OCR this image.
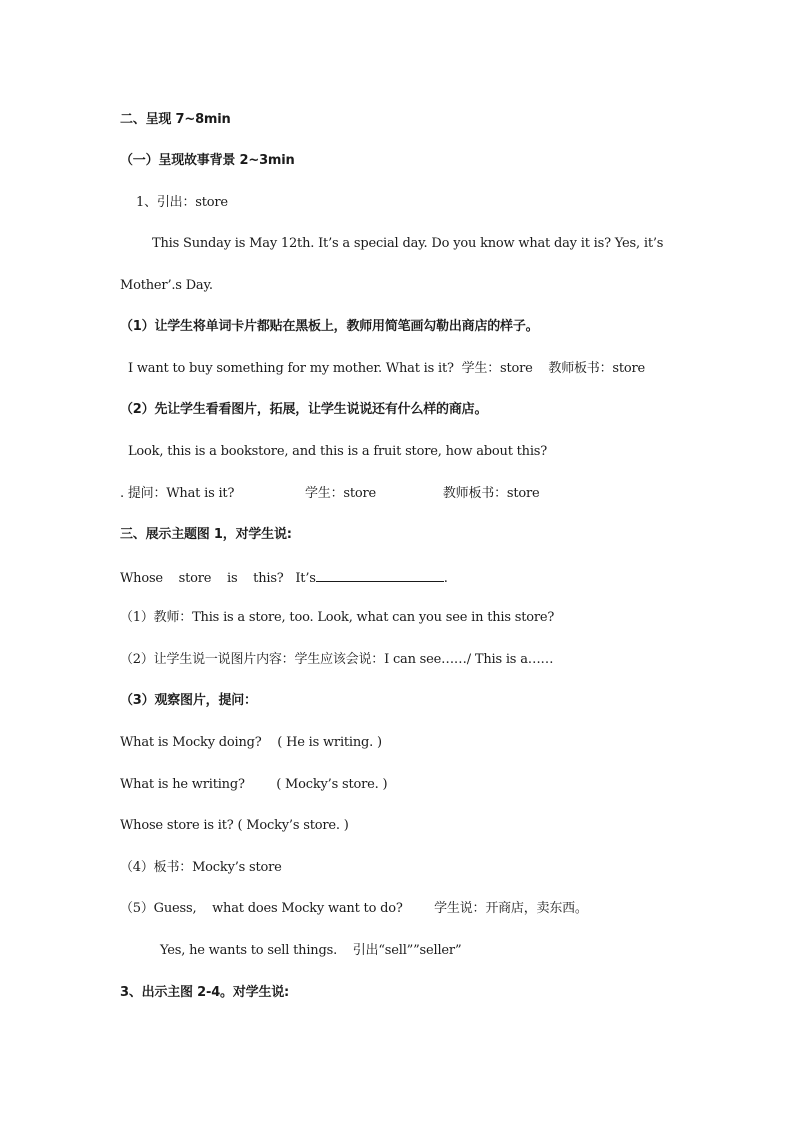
二、呈现 7~8min
（一）呈现故事背景 2~3min
1、引出：store
This Sunday is May 12th. It’s a special day. Do you know what day it is? Yes, it’s
Mother’.s Day.
（1）让学生将单词卡片都贴在黑板上，教师用简笔画勾勒出商店的样子。
I want to buy something for my mother. What is it?  学生：store    教师板书：store
（2）先让学生看看图片，拓展，让学生说说还有什么样的商店。
Look, this is a bookstore, and this is a fruit store, how about this?
. 提问：What is it?                  学生：store                 教师板书：store
三、展示主题图 1，对学生说:
Whose    store    is    this?   It’s	.
（1）教师：This is a store, too. Look, what can you see in this store?
（2）让学生说一说图片内容：学生应该会说：I can see……/ This is a……
（3）观察图片，提问：
What is Mocky doing?    ( He is writing. )
What is he writing?        ( Mocky’s store. )
Whose store is it? ( Mocky’s store. )
（4）板书：Mocky’s store
（5）Guess,    what does Mocky want to do?        学生说：开商店，卖东西。
Yes, he wants to sell things.    引出“sell””seller”
3、出示主图 2-4。对学生说:
